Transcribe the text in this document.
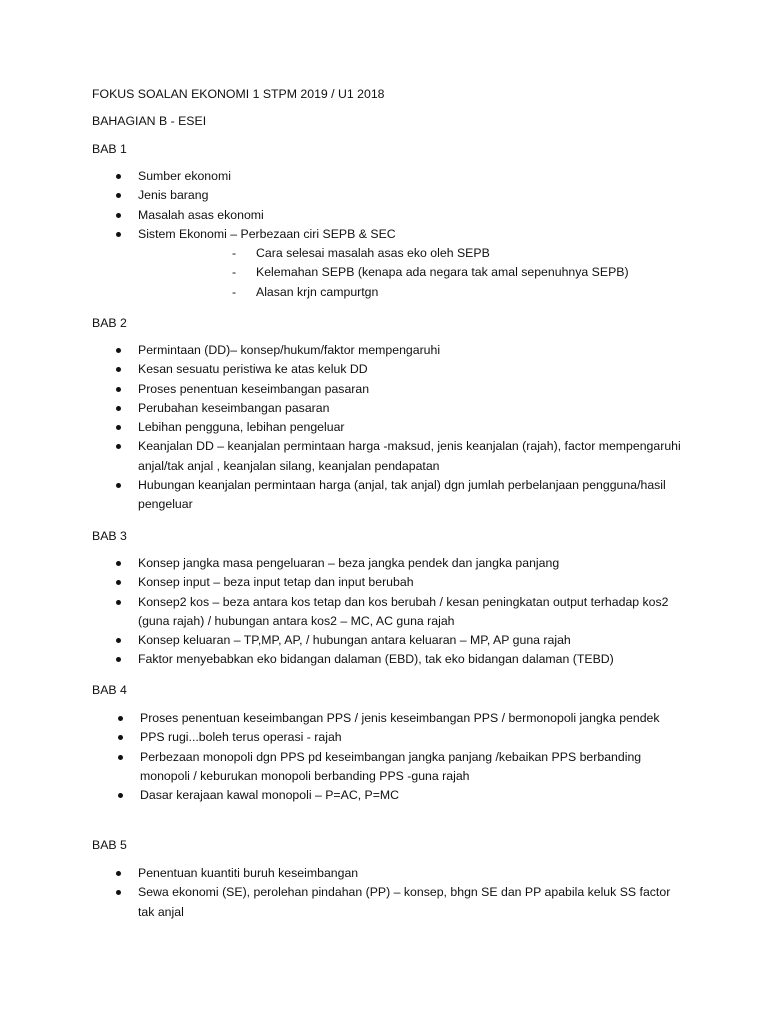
FOKUS SOALAN EKONOMI 1 STPM 2019 / U1 2018
BAHAGIAN B - ESEI
BAB 1
Sumber ekonomi
Jenis barang
Masalah asas ekonomi
Sistem Ekonomi – Perbezaan ciri SEPB & SEC
- Cara selesai masalah asas eko oleh SEPB
- Kelemahan SEPB (kenapa ada negara tak amal sepenuhnya SEPB)
- Alasan krjn campurtgn
BAB 2
Permintaan (DD)– konsep/hukum/faktor mempengaruhi
Kesan sesuatu peristiwa ke atas keluk DD
Proses penentuan keseimbangan pasaran
Perubahan keseimbangan pasaran
Lebihan pengguna, lebihan pengeluar
Keanjalan DD – keanjalan permintaan harga -maksud, jenis keanjalan (rajah), factor mempengaruhi anjal/tak anjal , keanjalan silang, keanjalan pendapatan
Hubungan keanjalan permintaan harga (anjal, tak anjal) dgn jumlah perbelanjaan pengguna/hasil pengeluar
BAB 3
Konsep jangka masa pengeluaran – beza jangka pendek dan jangka panjang
Konsep input – beza input tetap dan input berubah
Konsep2 kos – beza antara kos tetap dan kos berubah / kesan peningkatan output terhadap kos2 (guna rajah) / hubungan antara kos2 – MC, AC guna rajah
Konsep keluaran – TP,MP, AP, / hubungan antara keluaran – MP, AP guna rajah
Faktor menyebabkan eko bidangan dalaman (EBD), tak eko bidangan dalaman (TEBD)
BAB 4
Proses penentuan keseimbangan PPS / jenis keseimbangan PPS / bermonopoli jangka pendek
PPS rugi...boleh terus operasi - rajah
Perbezaan monopoli dgn PPS pd keseimbangan jangka panjang /kebaikan PPS berbanding monopoli / keburukan monopoli berbanding PPS -guna rajah
Dasar kerajaan kawal monopoli – P=AC, P=MC
BAB 5
Penentuan kuantiti buruh keseimbangan
Sewa ekonomi (SE), perolehan pindahan (PP) – konsep, bhgn SE dan PP apabila keluk SS factor tak anjal
